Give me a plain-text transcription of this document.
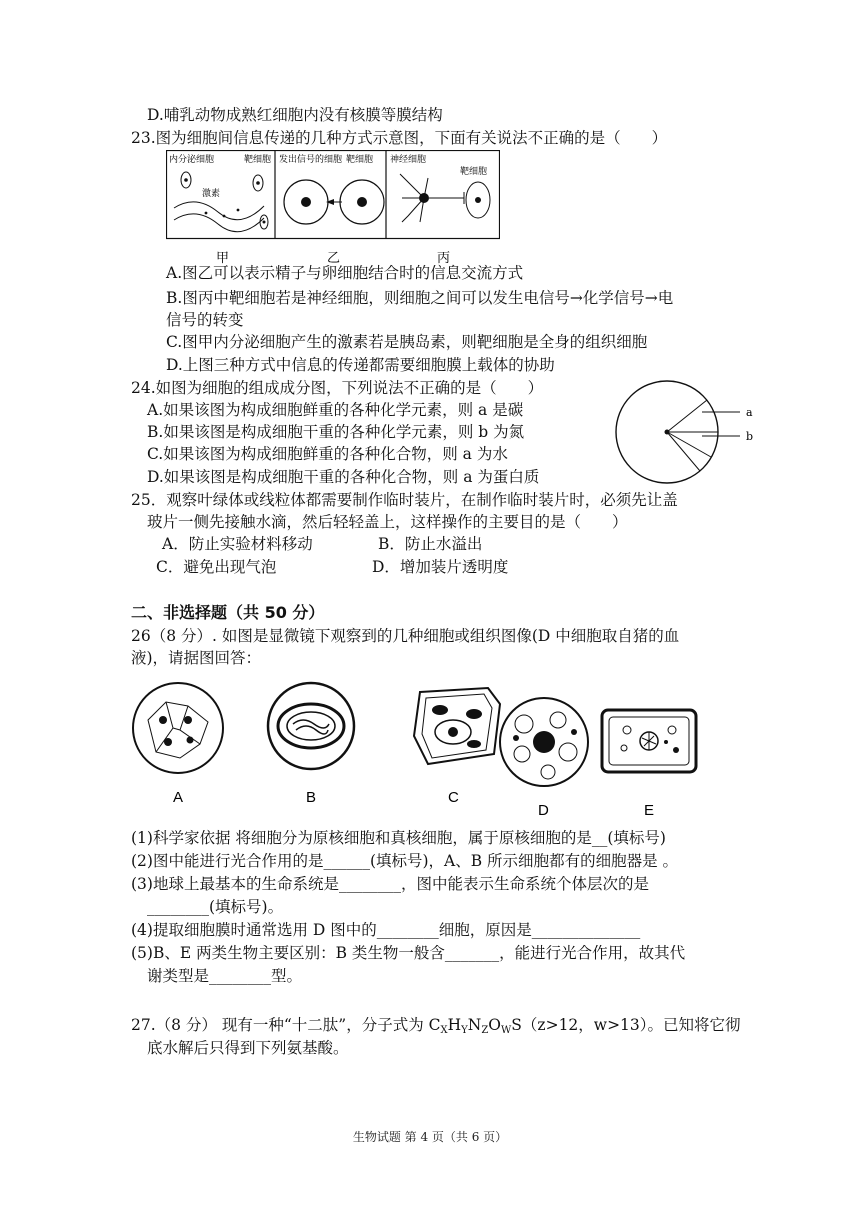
D.哺乳动物成熟红细胞内没有核膜等膜结构
23.图为细胞间信息传递的几种方式示意图，下面有关说法不正确的是（　　）
内分泌细胞	靶细胞
激素
发出信号的细胞 靶细胞 神经细胞
靶细胞
甲	乙	丙
A.图乙可以表示精子与卵细胞结合时的信息交流方式
B.图丙中靶细胞若是神经细胞，则细胞之间可以发生电信号→化学信号→电
信号的转变
C.图甲内分泌细胞产生的激素若是胰岛素，则靶细胞是全身的组织细胞
D.上图三种方式中信息的传递都需要细胞膜上载体的协助
24.如图为细胞的组成成分图，下列说法不正确的是（　　）
A.如果该图为构成细胞鲜重的各种化学元素，则 a 是碳
B.如果该图是构成细胞干重的各种化学元素，则 b 为氮
C.如果该图为构成细胞鲜重的各种化合物，则 a 为水
D.如果该图是构成细胞干重的各种化合物，则 a 为蛋白质
a
b
25．观察叶绿体或线粒体都需要制作临时装片，在制作临时装片时，必须先让盖
玻片一侧先接触水滴，然后轻轻盖上，这样操作的主要目的是（　　）
A．防止实验材料移动	B．防止水溢出
C．避免出现气泡	D．增加装片透明度
二、非选择题（共 50 分）
26（8 分）. 如图是显微镜下观察到的几种细胞或组织图像(D 中细胞取自猪的血
液)，请据图回答：
A	B	C
D	E
(1)科学家依据 将细胞分为原核细胞和真核细胞，属于原核细胞的是__(填标号)
(2)图中能进行光合作用的是______(填标号)，A、B 所示细胞都有的细胞器是 。
(3)地球上最基本的生命系统是________，图中能表示生命系统个体层次的是
________(填标号)。
(4)提取细胞膜时通常选用 D 图中的________细胞，原因是______________
(5)B、E 两类生物主要区别：B 类生物一般含_______，能进行光合作用，故其代
谢类型是________型。
27.（8 分） 现有一种“十二肽”，分子式为 $C_XH_YN_ZO_WS(z>12$，w>13）。已知将它彻
底水解后只得到下列氨基酸。
生物试题 第 4 页（共 6 页）
